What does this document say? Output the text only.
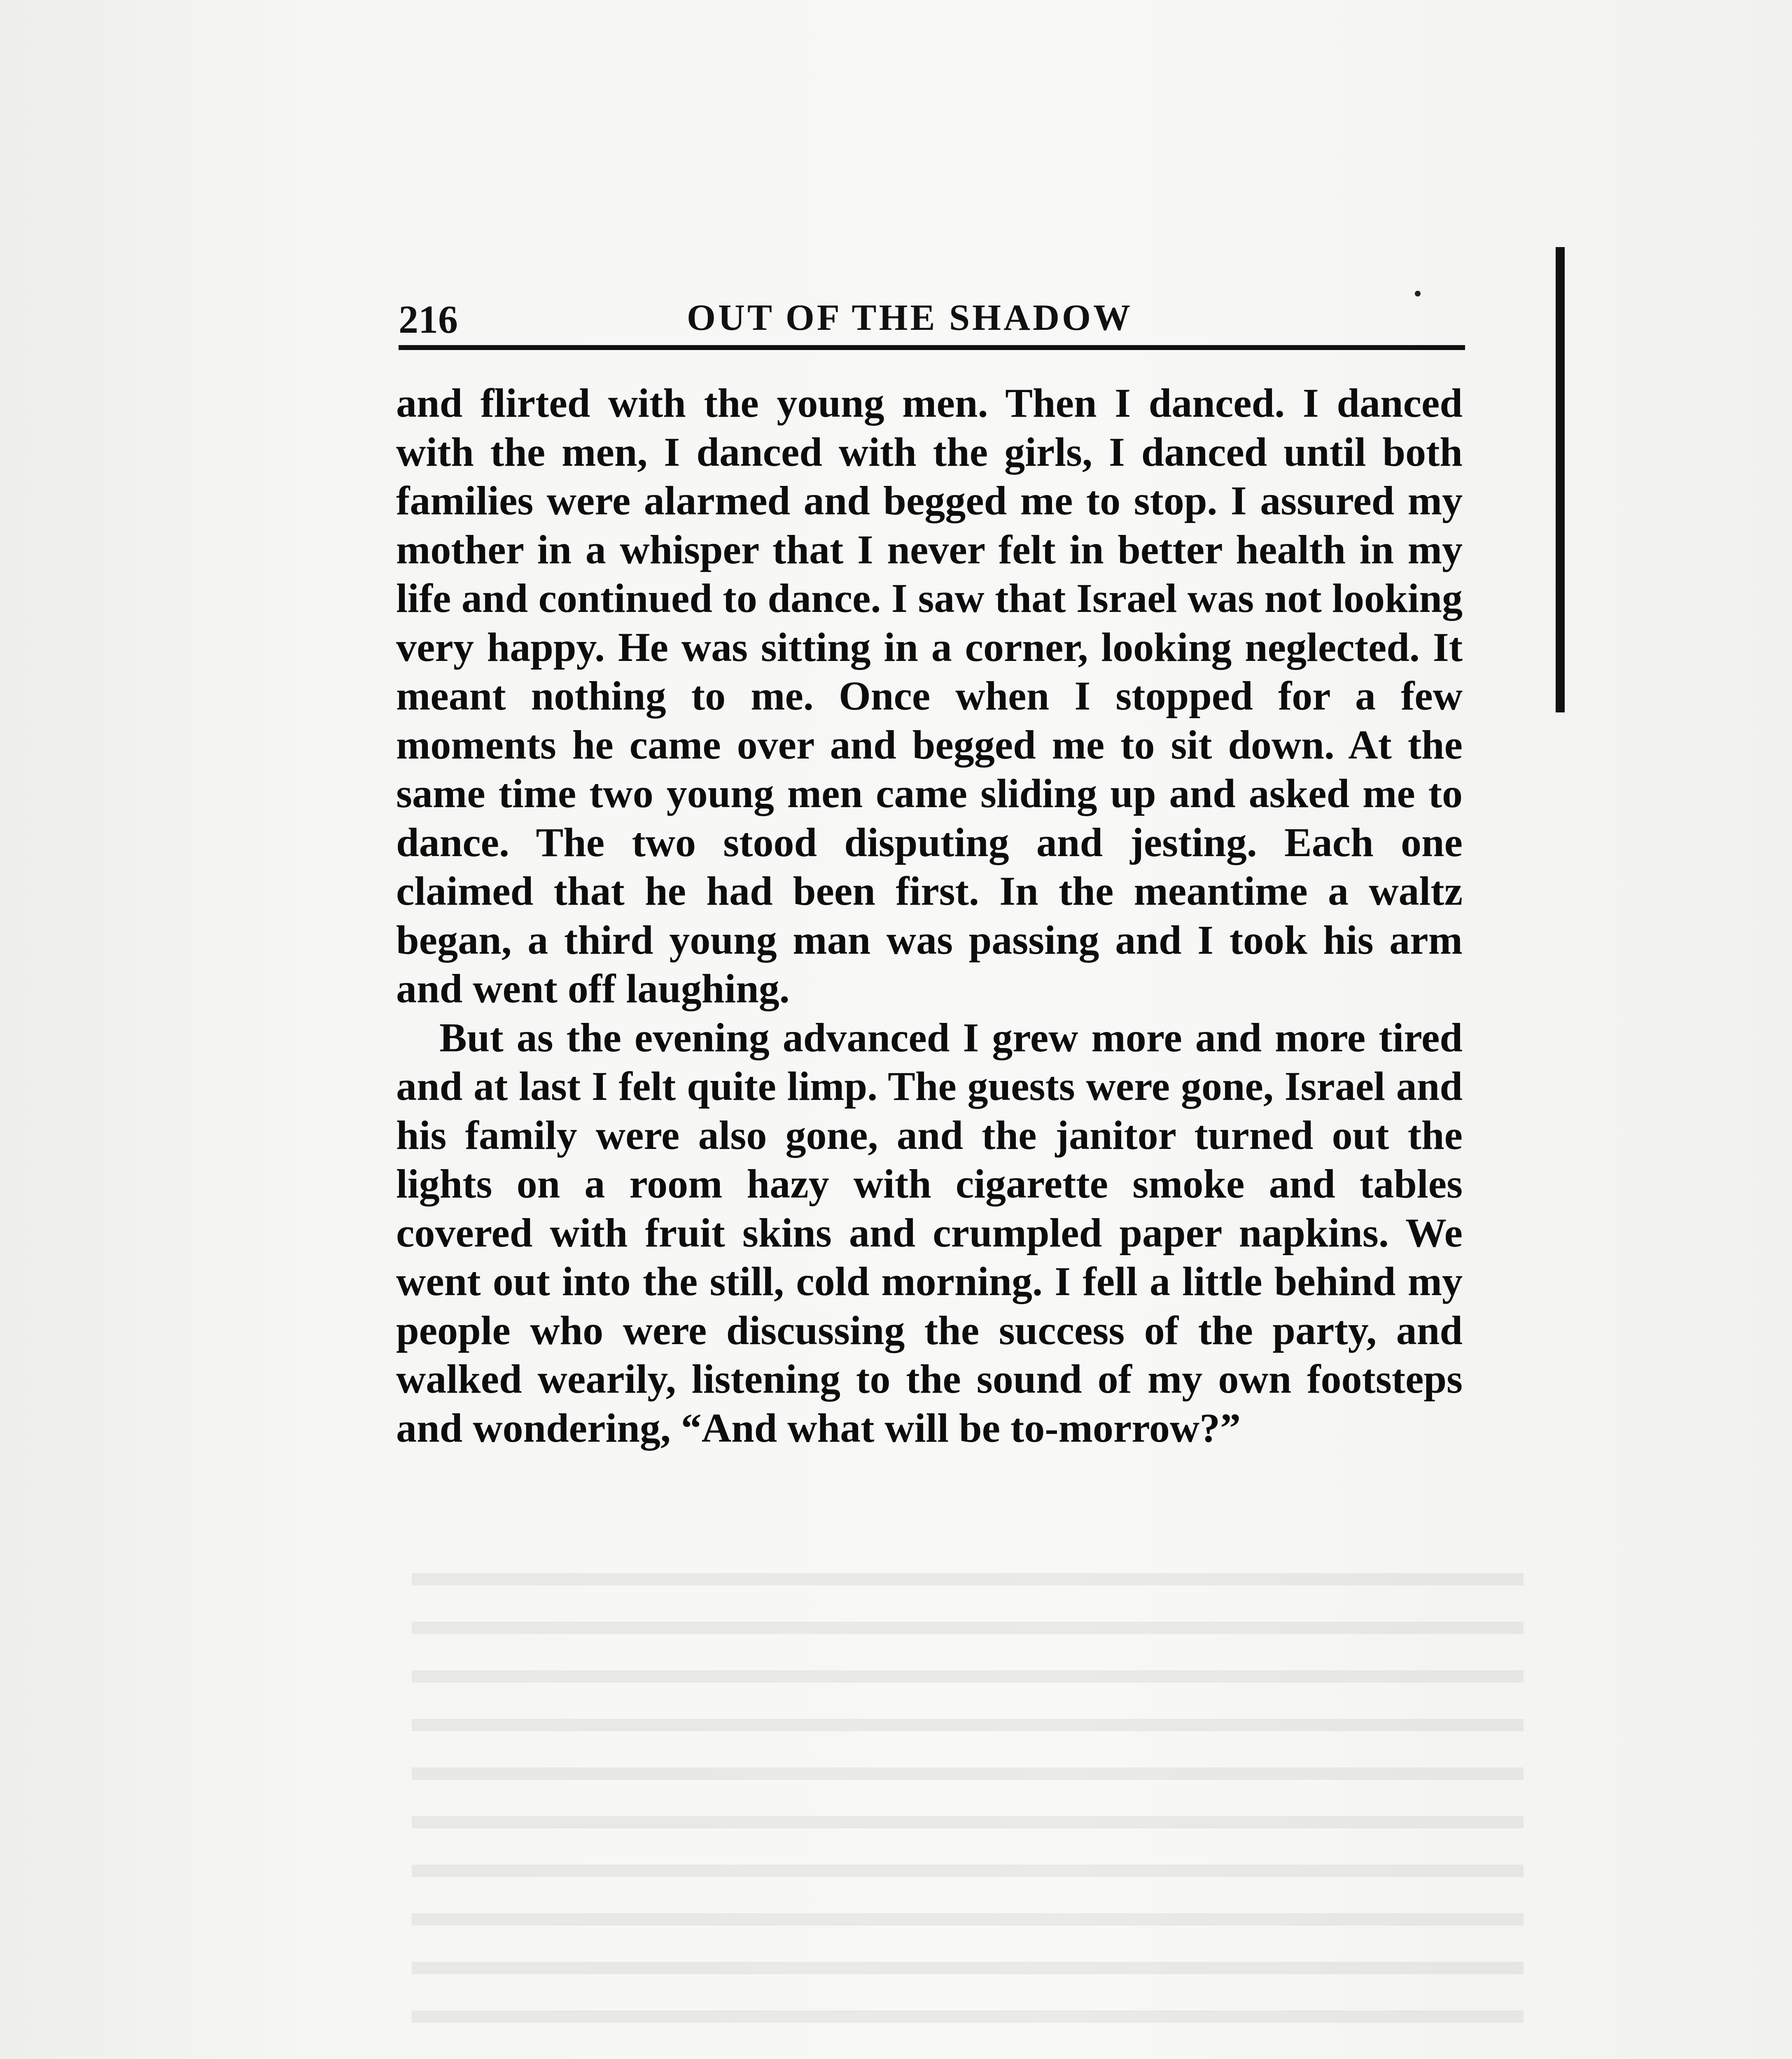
216	OUT OF THE SHADOW

and flirted with the young men. Then I danced. I danced with the men, I danced with the girls, I danced until both families were alarmed and begged me to stop. I assured my mother in a whisper that I never felt in better health in my life and continued to dance. I saw that Israel was not looking very happy. He was sitting in a corner, looking neglected. It meant nothing to me. Once when I stopped for a few moments he came over and begged me to sit down. At the same time two young men came sliding up and asked me to dance. The two stood disputing and jesting. Each one claimed that he had been first. In the meantime a waltz began, a third young man was passing and I took his arm and went off laughing.

But as the evening advanced I grew more and more tired and at last I felt quite limp. The guests were gone, Israel and his family were also gone, and the janitor turned out the lights on a room hazy with cigarette smoke and tables covered with fruit skins and crumpled paper napkins. We went out into the still, cold morning. I fell a little behind my people who were discussing the success of the party, and walked wearily, listening to the sound of my own footsteps and wondering, “And what will be to-morrow?”
